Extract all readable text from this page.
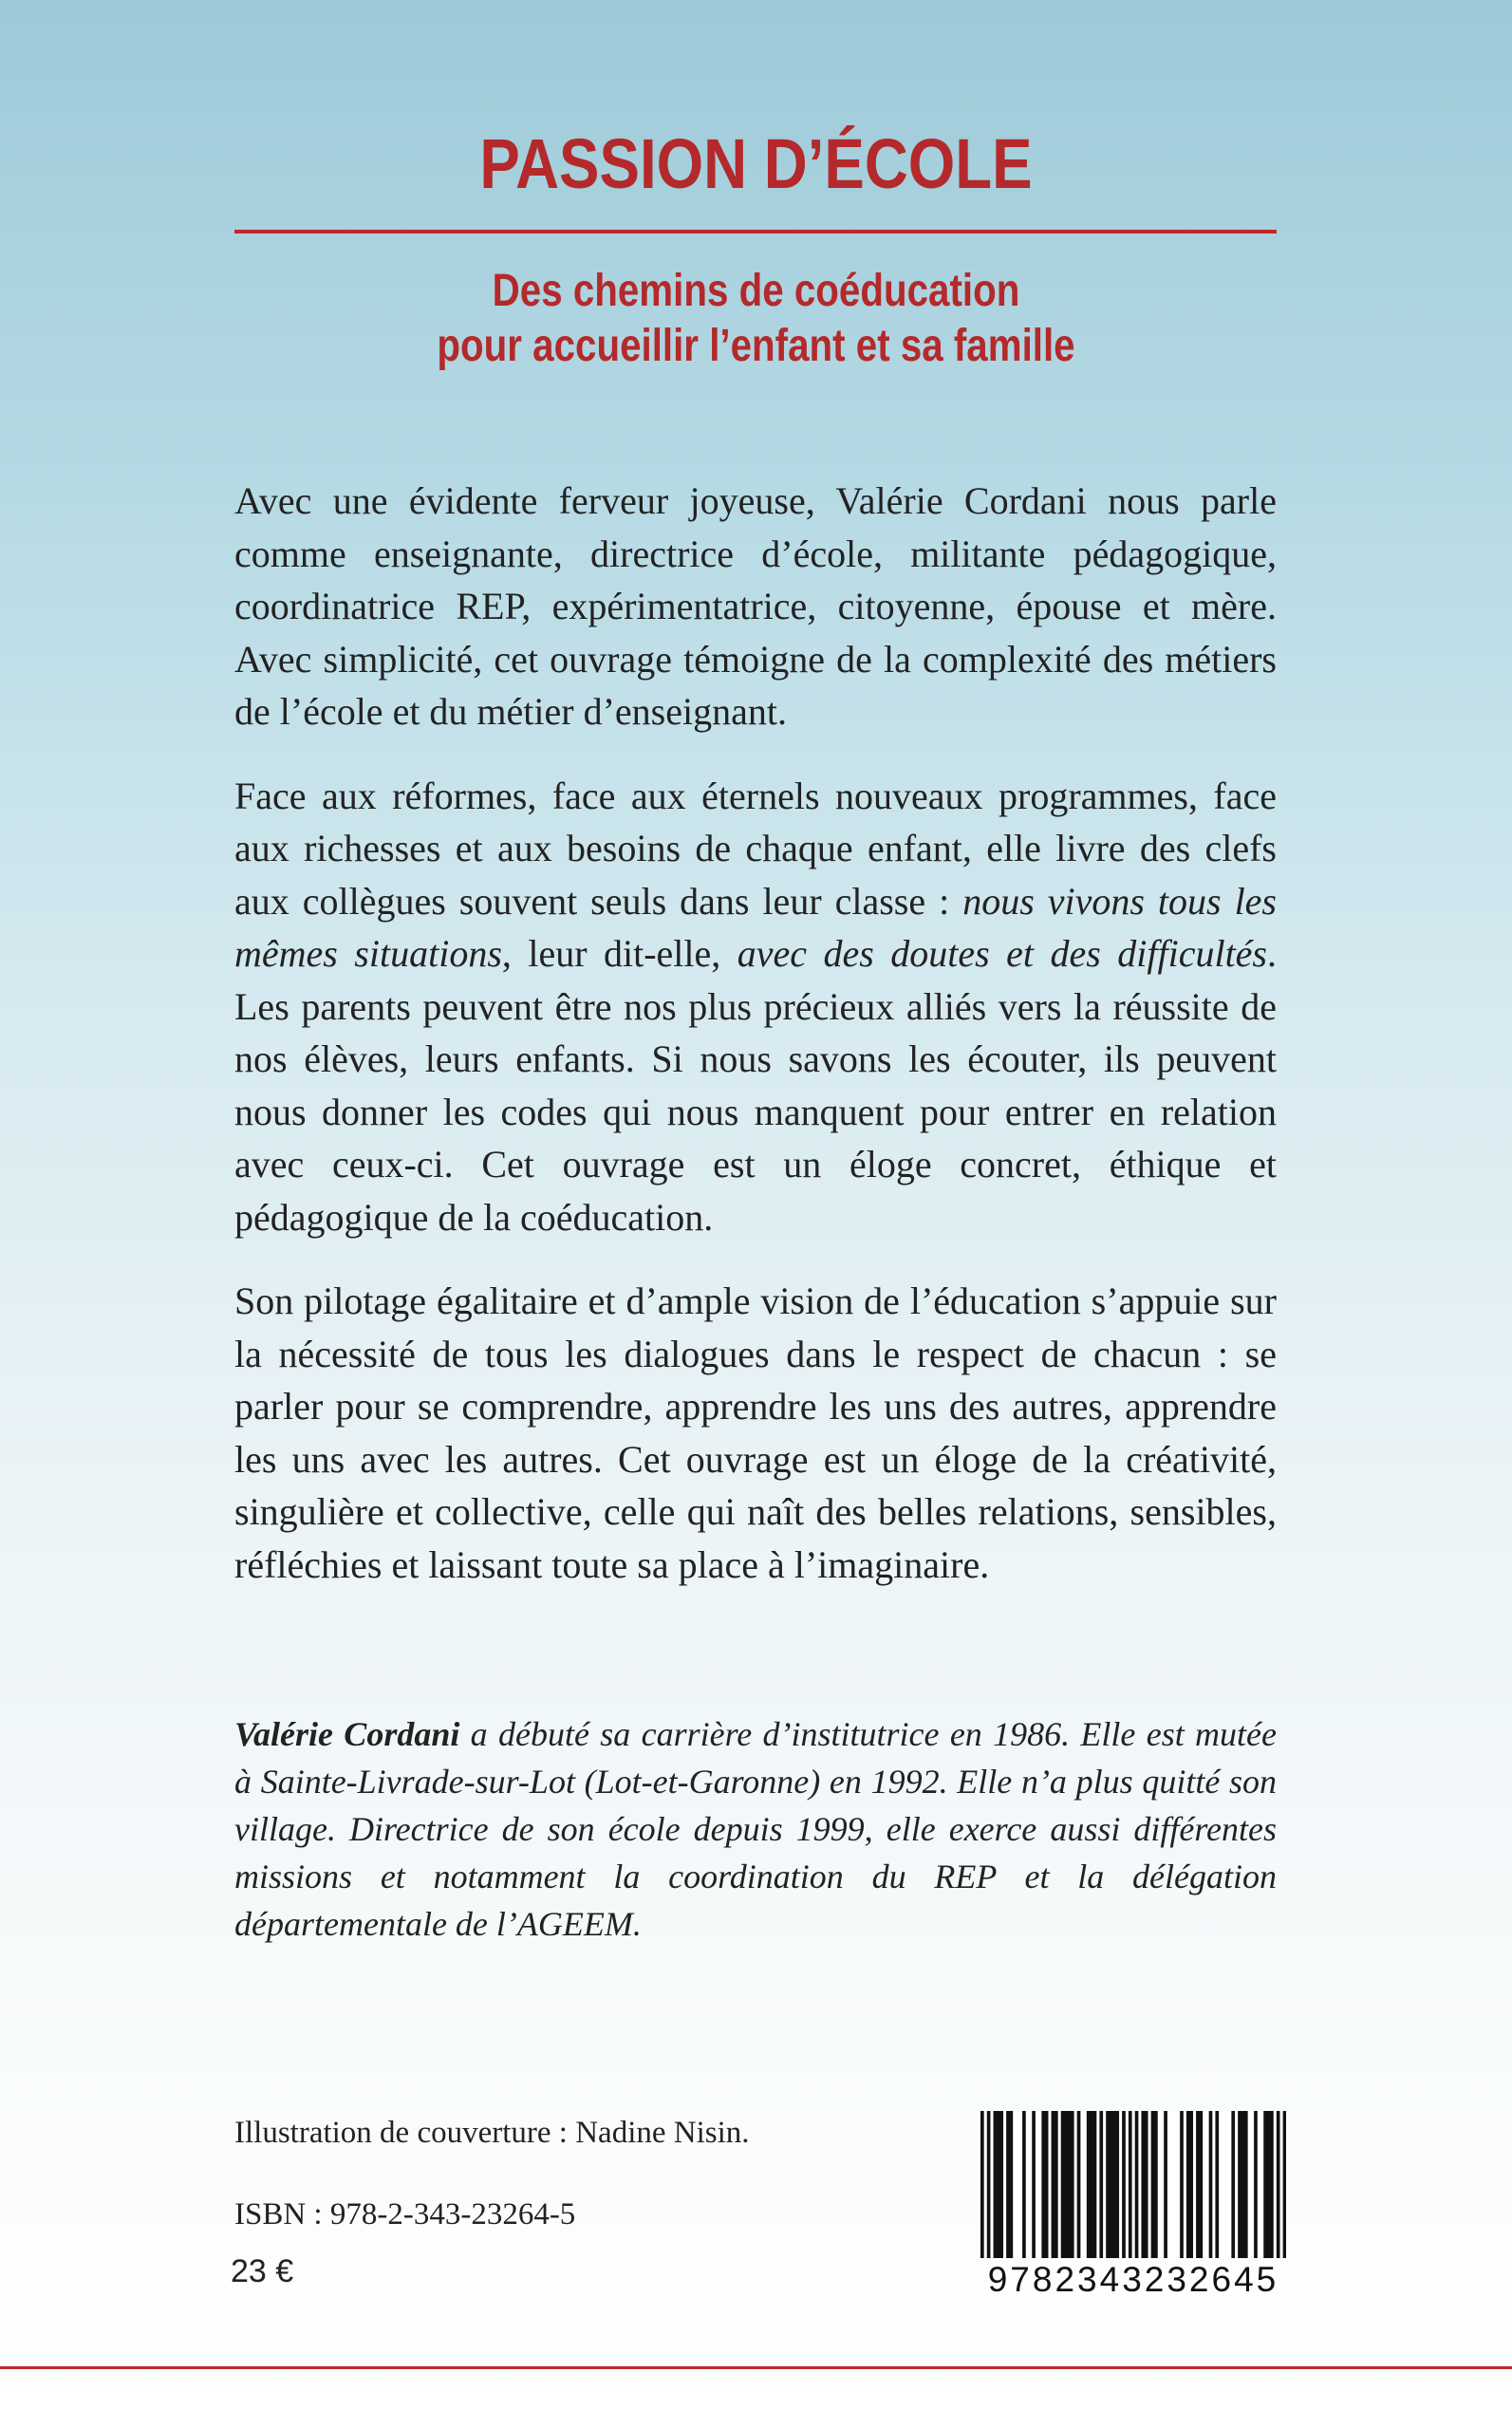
PASSION D’ÉCOLE
Des chemins de coéducation
pour accueillir l’enfant et sa famille

Avec une évidente ferveur joyeuse, Valérie Cordani nous parle comme enseignante, directrice d’école, militante pédagogique, coordinatrice REP, expérimentatrice, citoyenne, épouse et mère. Avec simplicité, cet ouvrage témoigne de la complexité des métiers de l’école et du métier d’enseignant.

Face aux réformes, face aux éternels nouveaux programmes, face aux richesses et aux besoins de chaque enfant, elle livre des clefs aux collègues souvent seuls dans leur classe : nous vivons tous les mêmes situations, leur dit-elle, avec des doutes et des difficultés. Les parents peuvent être nos plus précieux alliés vers la réussite de nos élèves, leurs enfants. Si nous savons les écouter, ils peuvent nous donner les codes qui nous manquent pour entrer en relation avec ceux-ci. Cet ouvrage est un éloge concret, éthique et pédagogique de la coéducation.

Son pilotage égalitaire et d’ample vision de l’éducation s’appuie sur la nécessité de tous les dialogues dans le respect de chacun : se parler pour se comprendre, apprendre les uns des autres, apprendre les uns avec les autres. Cet ouvrage est un éloge de la créativité, singulière et collective, celle qui naît des belles relations, sensibles, réfléchies et laissant toute sa place à l’imaginaire.

Valérie Cordani a débuté sa carrière d’institutrice en 1986. Elle est mutée à Sainte-Livrade-sur-Lot (Lot-et-Garonne) en 1992. Elle n’a plus quitté son village. Directrice de son école depuis 1999, elle exerce aussi différentes missions et notamment la coordination du REP et la délégation départementale de l’AGEEM.

Illustration de couverture : Nadine Nisin.

ISBN : 978-2-343-23264-5

23 €	9782343232645
